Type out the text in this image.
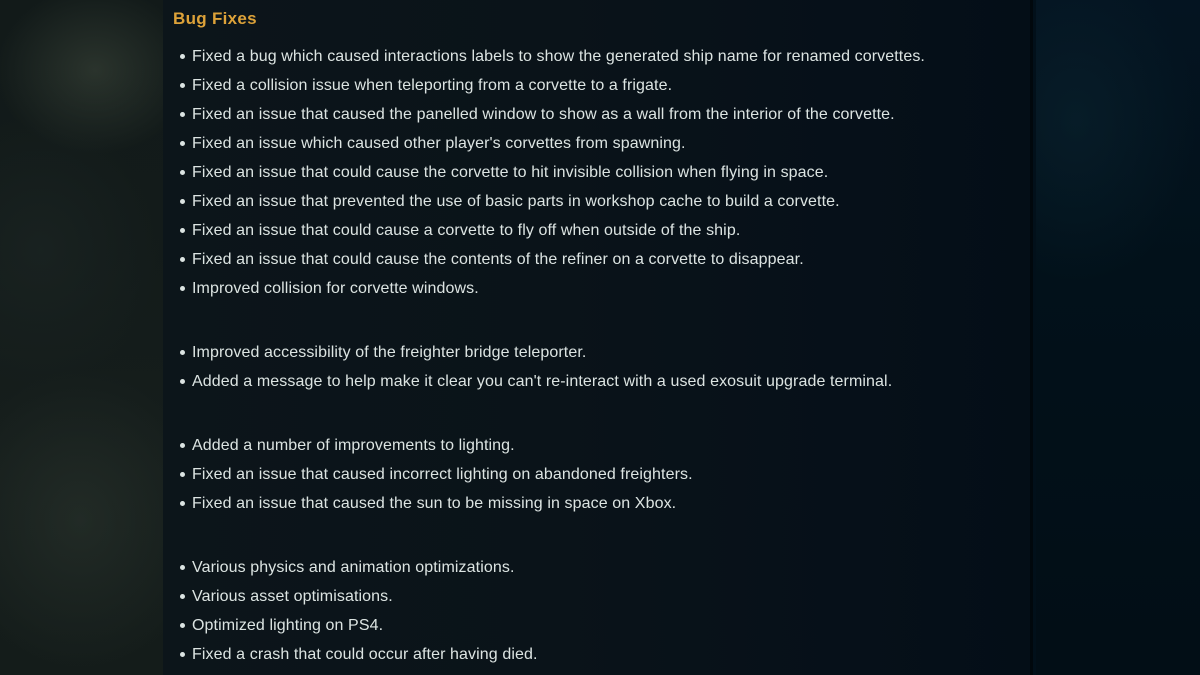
Bug Fixes
Fixed a bug which caused interactions labels to show the generated ship name for renamed corvettes.
Fixed a collision issue when teleporting from a corvette to a frigate.
Fixed an issue that caused the panelled window to show as a wall from the interior of the corvette.
Fixed an issue which caused other player's corvettes from spawning.
Fixed an issue that could cause the corvette to hit invisible collision when flying in space.
Fixed an issue that prevented the use of basic parts in workshop cache to build a corvette.
Fixed an issue that could cause a corvette to fly off when outside of the ship.
Fixed an issue that could cause the contents of the refiner on a corvette to disappear.
Improved collision for corvette windows.
Improved accessibility of the freighter bridge teleporter.
Added a message to help make it clear you can't re-interact with a used exosuit upgrade terminal.
Added a number of improvements to lighting.
Fixed an issue that caused incorrect lighting on abandoned freighters.
Fixed an issue that caused the sun to be missing in space on Xbox.
Various physics and animation optimizations.
Various asset optimisations.
Optimized lighting on PS4.
Fixed a crash that could occur after having died.
